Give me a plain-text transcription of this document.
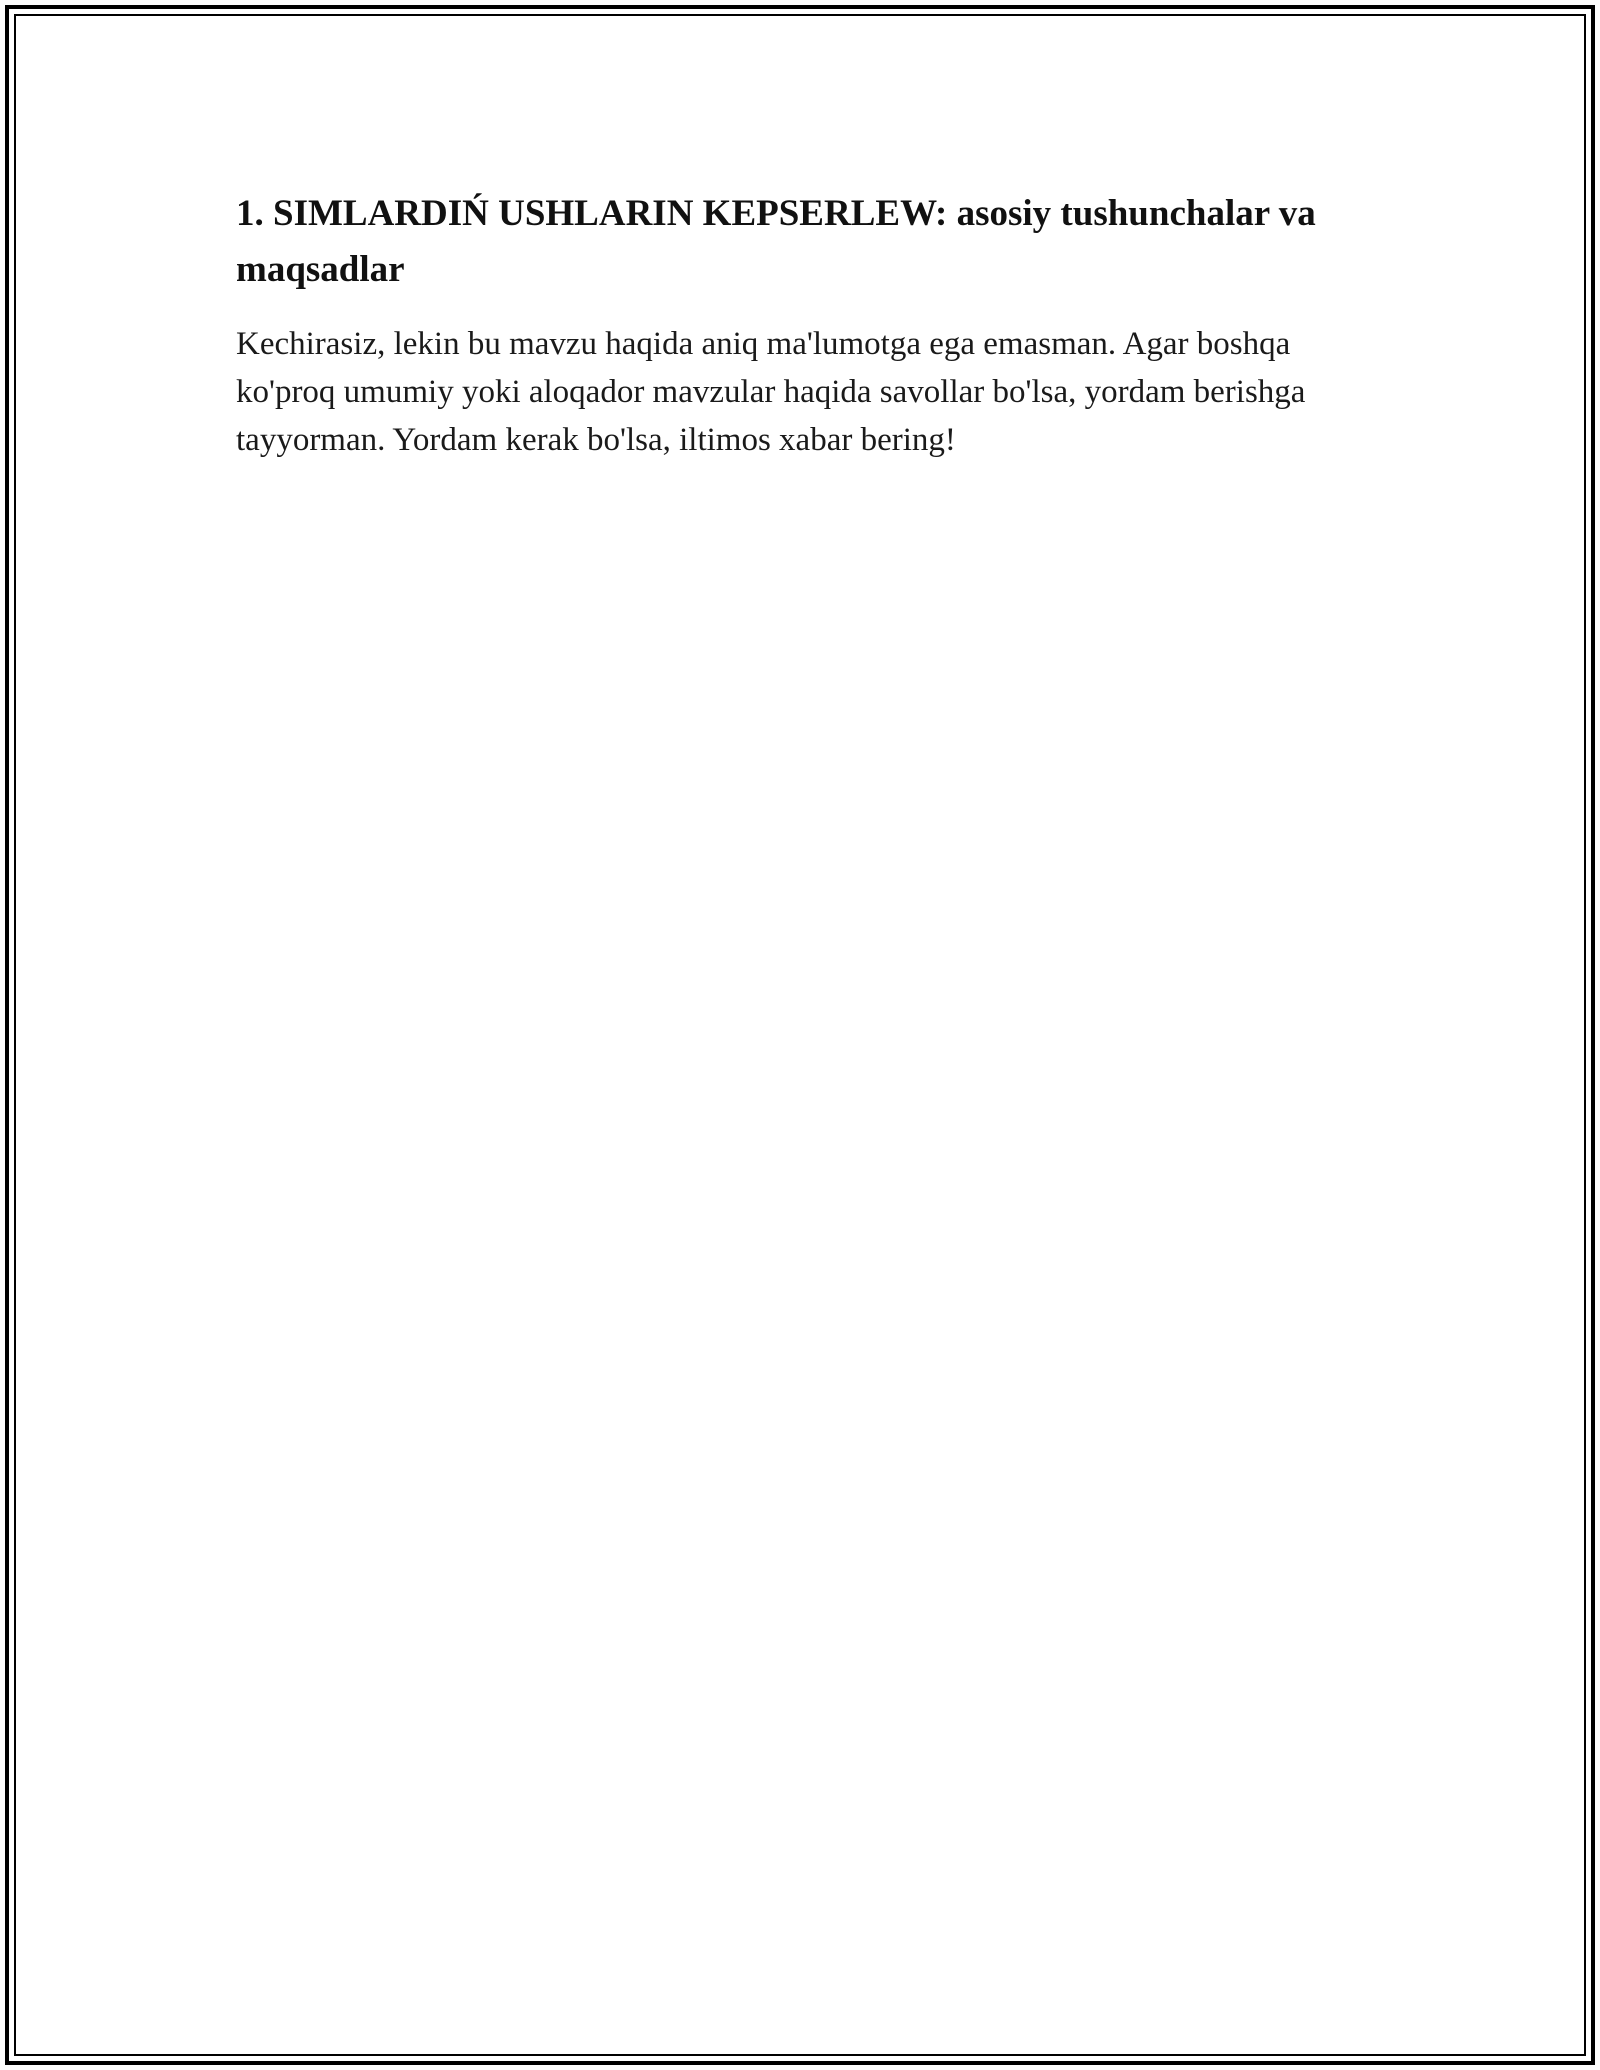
1. SIMLARDIŃ USHLARIN KEPSERLEW: asosiy tushunchalar va maqsadlar

Kechirasiz, lekin bu mavzu haqida aniq ma'lumotga ega emasman. Agar boshqa ko'proq umumiy yoki aloqador mavzular haqida savollar bo'lsa, yordam berishga tayyorman. Yordam kerak bo'lsa, iltimos xabar bering!
